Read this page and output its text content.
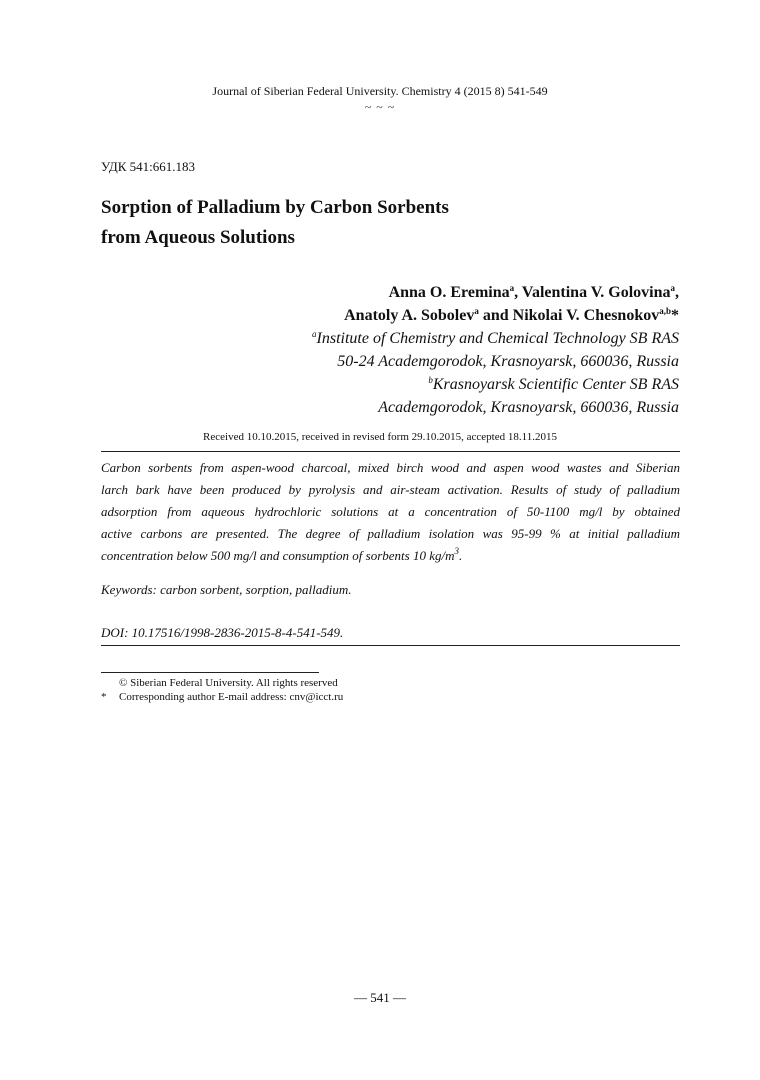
Journal of Siberian Federal University. Chemistry 4 (2015 8) 541-549
~ ~ ~
УДК 541:661.183
Sorption of Palladium by Carbon Sorbents
from Aqueous Solutions
Anna O. Eremina$^a$, Valentina V. Golovina$^a$,
Anatoly A. Sobolev$^a$ and Nikolai V. Chesnokov$^{a,b}$*
$^a$Institute of Chemistry and Chemical Technology SB RAS
50-24 Academgorodok, Krasnoyarsk, 660036, Russia
$^b$Krasnoyarsk Scientific Center SB RAS
Academgorodok, Krasnoyarsk, 660036, Russia
Received 10.10.2015, received in revised form 29.10.2015, accepted 18.11.2015
Carbon sorbents from aspen-wood charcoal, mixed birch wood and aspen wood wastes and Siberian
larch bark have been produced by pyrolysis and air-steam activation. Results of study of palladium
adsorption from aqueous hydrochloric solutions at a concentration of 50-1100 mg/l by obtained
active carbons are presented. The degree of palladium isolation was 95-99 % at initial palladium
concentration below 500 mg/l and consumption of sorbents 10 $kg/m^3$.
Keywords: carbon sorbent, sorption, palladium.
DOI: 10.17516/1998-2836-2015-8-4-541-549.
© Siberian Federal University. All rights reserved
* Corresponding author E-mail address: cnv@icct.ru
— 541 —
